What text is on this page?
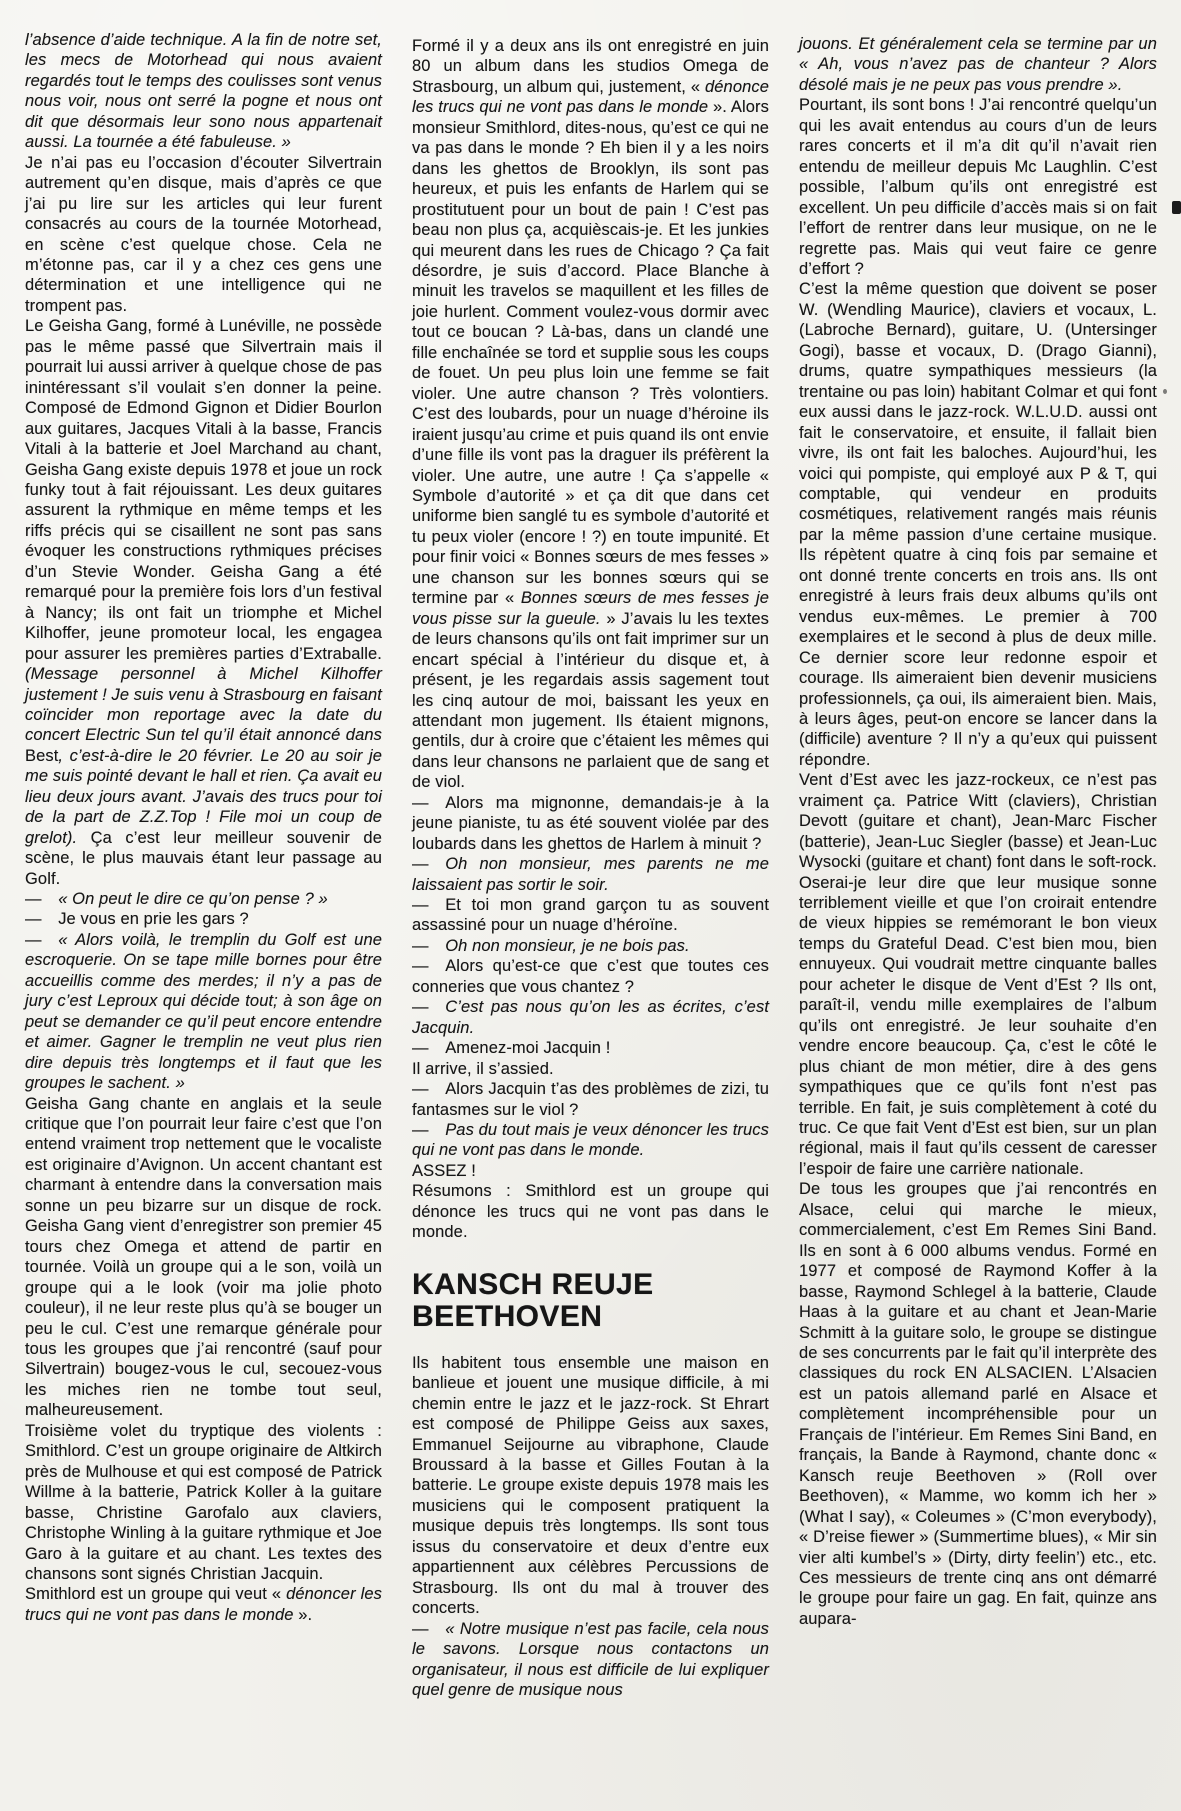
l’absence d’aide technique. A la fin de notre set, les mecs de Motorhead qui nous avaient regardés tout le temps des coulisses sont venus nous voir, nous ont serré la pogne et nous ont dit que désormais leur sono nous appartenait aussi. La tournée a été fabuleuse. »

Je n’ai pas eu l’occasion d’écouter Silvertrain autrement qu’en disque, mais d’après ce que j’ai pu lire sur les articles qui leur furent consacrés au cours de la tournée Motorhead, en scène c’est quelque chose. Cela ne m’étonne pas, car il y a chez ces gens une détermination et une intelligence qui ne trompent pas.

Le Geisha Gang, formé à Lunéville, ne possède pas le même passé que Silvertrain mais il pourrait lui aussi arriver à quelque chose de pas inintéressant s’il voulait s’en donner la peine. Composé de Edmond Gignon et Didier Bourlon aux guitares, Jacques Vitali à la basse, Francis Vitali à la batterie et Joel Marchand au chant, Geisha Gang existe depuis 1978 et joue un rock funky tout à fait réjouissant. Les deux guitares assurent la rythmique en même temps et les riffs précis qui se cisaillent ne sont pas sans évoquer les constructions rythmiques précises d’un Stevie Wonder. Geisha Gang a été remarqué pour la première fois lors d’un festival à Nancy; ils ont fait un triomphe et Michel Kilhoffer, jeune promoteur local, les engagea pour assurer les premières parties d’Extraballe. (Message personnel à Michel Kilhoffer justement ! Je suis venu à Strasbourg en faisant coïncider mon reportage avec la date du concert Electric Sun tel qu’il était annoncé dans Best, c’est-à-dire le 20 février. Le 20 au soir je me suis pointé devant le hall et rien. Ça avait eu lieu deux jours avant. J’avais des trucs pour toi de la part de Z.Z.Top ! File moi un coup de grelot). Ça c’est leur meilleur souvenir de scène, le plus mauvais étant leur passage au Golf.

— « On peut le dire ce qu’on pense ? »

— Je vous en prie les gars ?

— « Alors voilà, le tremplin du Golf est une escroquerie. On se tape mille bornes pour être accueillis comme des merdes; il n’y a pas de jury c’est Leproux qui décide tout; à son âge on peut se demander ce qu’il peut encore entendre et aimer. Gagner le tremplin ne veut plus rien dire depuis très longtemps et il faut que les groupes le sachent. »

Geisha Gang chante en anglais et la seule critique que l’on pourrait leur faire c’est que l’on entend vraiment trop nettement que le vocaliste est originaire d’Avignon. Un accent chantant est charmant à entendre dans la conversation mais sonne un peu bizarre sur un disque de rock. Geisha Gang vient d’enregistrer son premier 45 tours chez Omega et attend de partir en tournée. Voilà un groupe qui a le son, voilà un groupe qui a le look (voir ma jolie photo couleur), il ne leur reste plus qu’à se bouger un peu le cul. C’est une remarque générale pour tous les groupes que j’ai rencontré (sauf pour Silvertrain) bougez-vous le cul, secouez-vous les miches rien ne tombe tout seul, malheureusement.

Troisième volet du tryptique des violents : Smithlord. C’est un groupe originaire de Altkirch près de Mulhouse et qui est composé de Patrick Willme à la batterie, Patrick Koller à la guitare basse, Christine Garofalo aux claviers, Christophe Winling à la guitare rythmique et Joe Garo à la guitare et au chant. Les textes des chansons sont signés Christian Jacquin.

Smithlord est un groupe qui veut « dénoncer les trucs qui ne vont pas dans le monde ».

Formé il y a deux ans ils ont enregistré en juin 80 un album dans les studios Omega de Strasbourg, un album qui, justement, « dénonce les trucs qui ne vont pas dans le monde ». Alors monsieur Smithlord, dites-nous, qu’est ce qui ne va pas dans le monde ? Eh bien il y a les noirs dans les ghettos de Brooklyn, ils sont pas heureux, et puis les enfants de Harlem qui se prostitutuent pour un bout de pain ! C’est pas beau non plus ça, acquièscais-je. Et les junkies qui meurent dans les rues de Chicago ? Ça fait désordre, je suis d’accord. Place Blanche à minuit les travelos se maquillent et les filles de joie hurlent. Comment voulez-vous dormir avec tout ce boucan ? Là-bas, dans un clandé une fille enchaînée se tord et supplie sous les coups de fouet. Un peu plus loin une femme se fait violer. Une autre chanson ? Très volontiers. C’est des loubards, pour un nuage d’héroine ils iraient jusqu’au crime et puis quand ils ont envie d’une fille ils vont pas la draguer ils préfèrent la violer. Une autre, une autre ! Ça s’appelle « Symbole d’autorité » et ça dit que dans cet uniforme bien sanglé tu es symbole d’autorité et tu peux violer (encore ! ?) en toute impunité. Et pour finir voici « Bonnes sœurs de mes fesses » une chanson sur les bonnes sœurs qui se termine par « Bonnes sœurs de mes fesses je vous pisse sur la gueule. » J’avais lu les textes de leurs chansons qu’ils ont fait imprimer sur un encart spécial à l’intérieur du disque et, à présent, je les regardais assis sagement tout les cinq autour de moi, baissant les yeux en attendant mon jugement. Ils étaient mignons, gentils, dur à croire que c’étaient les mêmes qui dans leur chansons ne parlaient que de sang et de viol.

— Alors ma mignonne, demandais-je à la jeune pianiste, tu as été souvent violée par des loubards dans les ghettos de Harlem à minuit ?

— Oh non monsieur, mes parents ne me laissaient pas sortir le soir.

— Et toi mon grand garçon tu as souvent assassiné pour un nuage d’héroïne.

— Oh non monsieur, je ne bois pas.

— Alors qu’est-ce que c’est que toutes ces conneries que vous chantez ?

— C’est pas nous qu’on les as écrites, c’est Jacquin.

— Amenez-moi Jacquin !

Il arrive, il s’assied.

— Alors Jacquin t’as des problèmes de zizi, tu fantasmes sur le viol ?

— Pas du tout mais je veux dénoncer les trucs qui ne vont pas dans le monde.

ASSEZ !

Résumons : Smithlord est un groupe qui dénonce les trucs qui ne vont pas dans le monde.

KANSCH REUJE BEETHOVEN

Ils habitent tous ensemble une maison en banlieue et jouent une musique difficile, à mi chemin entre le jazz et le jazz-rock. St Ehrart est composé de Philippe Geiss aux saxes, Emmanuel Seijourne au vibraphone, Claude Broussard à la basse et Gilles Foutan à la batterie. Le groupe existe depuis 1978 mais les musiciens qui le composent pratiquent la musique depuis très longtemps. Ils sont tous issus du conservatoire et deux d’entre eux appartiennent aux célèbres Percussions de Strasbourg. Ils ont du mal à trouver des concerts.

— « Notre musique n’est pas facile, cela nous le savons. Lorsque nous contactons un organisateur, il nous est difficile de lui expliquer quel genre de musique nous

jouons. Et généralement cela se termine par un « Ah, vous n’avez pas de chanteur ? Alors désolé mais je ne peux pas vous prendre ».

Pourtant, ils sont bons ! J’ai rencontré quelqu’un qui les avait entendus au cours d’un de leurs rares concerts et il m’a dit qu’il n’avait rien entendu de meilleur depuis Mc Laughlin. C’est possible, l’album qu’ils ont enregistré est excellent. Un peu difficile d’accès mais si on fait l’effort de rentrer dans leur musique, on ne le regrette pas. Mais qui veut faire ce genre d’effort ?

C’est la même question que doivent se poser W. (Wendling Maurice), claviers et vocaux, L. (Labroche Bernard), guitare, U. (Untersinger Gogi), basse et vocaux, D. (Drago Gianni), drums, quatre sympathiques messieurs (la trentaine ou pas loin) habitant Colmar et qui font eux aussi dans le jazz-rock. W.L.U.D. aussi ont fait le conservatoire, et ensuite, il fallait bien vivre, ils ont fait les baloches. Aujourd’hui, les voici qui pompiste, qui employé aux P & T, qui comptable, qui vendeur en produits cosmétiques, relativement rangés mais réunis par la même passion d’une certaine musique. Ils répètent quatre à cinq fois par semaine et ont donné trente concerts en trois ans. Ils ont enregistré à leurs frais deux albums qu’ils ont vendus eux-mêmes. Le premier à 700 exemplaires et le second à plus de deux mille. Ce dernier score leur redonne espoir et courage. Ils aimeraient bien devenir musiciens professionnels, ça oui, ils aimeraient bien. Mais, à leurs âges, peut-on encore se lancer dans la (difficile) aventure ? Il n’y a qu’eux qui puissent répondre.

Vent d’Est avec les jazz-rockeux, ce n’est pas vraiment ça. Patrice Witt (claviers), Christian Devott (guitare et chant), Jean-Marc Fischer (batterie), Jean-Luc Siegler (basse) et Jean-Luc Wysocki (guitare et chant) font dans le soft-rock. Oserai-je leur dire que leur musique sonne terriblement vieille et que l’on croirait entendre de vieux hippies se remémorant le bon vieux temps du Grateful Dead. C’est bien mou, bien ennuyeux. Qui voudrait mettre cinquante balles pour acheter le disque de Vent d’Est ? Ils ont, paraît-il, vendu mille exemplaires de l’album qu’ils ont enregistré. Je leur souhaite d’en vendre encore beaucoup. Ça, c’est le côté le plus chiant de mon métier, dire à des gens sympathiques que ce qu’ils font n’est pas terrible. En fait, je suis complètement à coté du truc. Ce que fait Vent d’Est est bien, sur un plan régional, mais il faut qu’ils cessent de caresser l’espoir de faire une carrière nationale.

De tous les groupes que j’ai rencontrés en Alsace, celui qui marche le mieux, commercialement, c’est Em Remes Sini Band. Ils en sont à 6 000 albums vendus. Formé en 1977 et composé de Raymond Koffer à la basse, Raymond Schlegel à la batterie, Claude Haas à la guitare et au chant et Jean-Marie Schmitt à la guitare solo, le groupe se distingue de ses concurrents par le fait qu’il interprète des classiques du rock EN ALSACIEN. L’Alsacien est un patois allemand parlé en Alsace et complètement incompréhensible pour un Français de l’intérieur. Em Remes Sini Band, en français, la Bande à Raymond, chante donc « Kansch reuje Beethoven » (Roll over Beethoven), « Mamme, wo komm ich her » (What I say), « Coleumes » (C’mon everybody), « D’reise fiewer » (Summertime blues), « Mir sin vier alti kumbel’s » (Dirty, dirty feelin’) etc., etc. Ces messieurs de trente cinq ans ont démarré le groupe pour faire un gag. En fait, quinze ans aupara-
